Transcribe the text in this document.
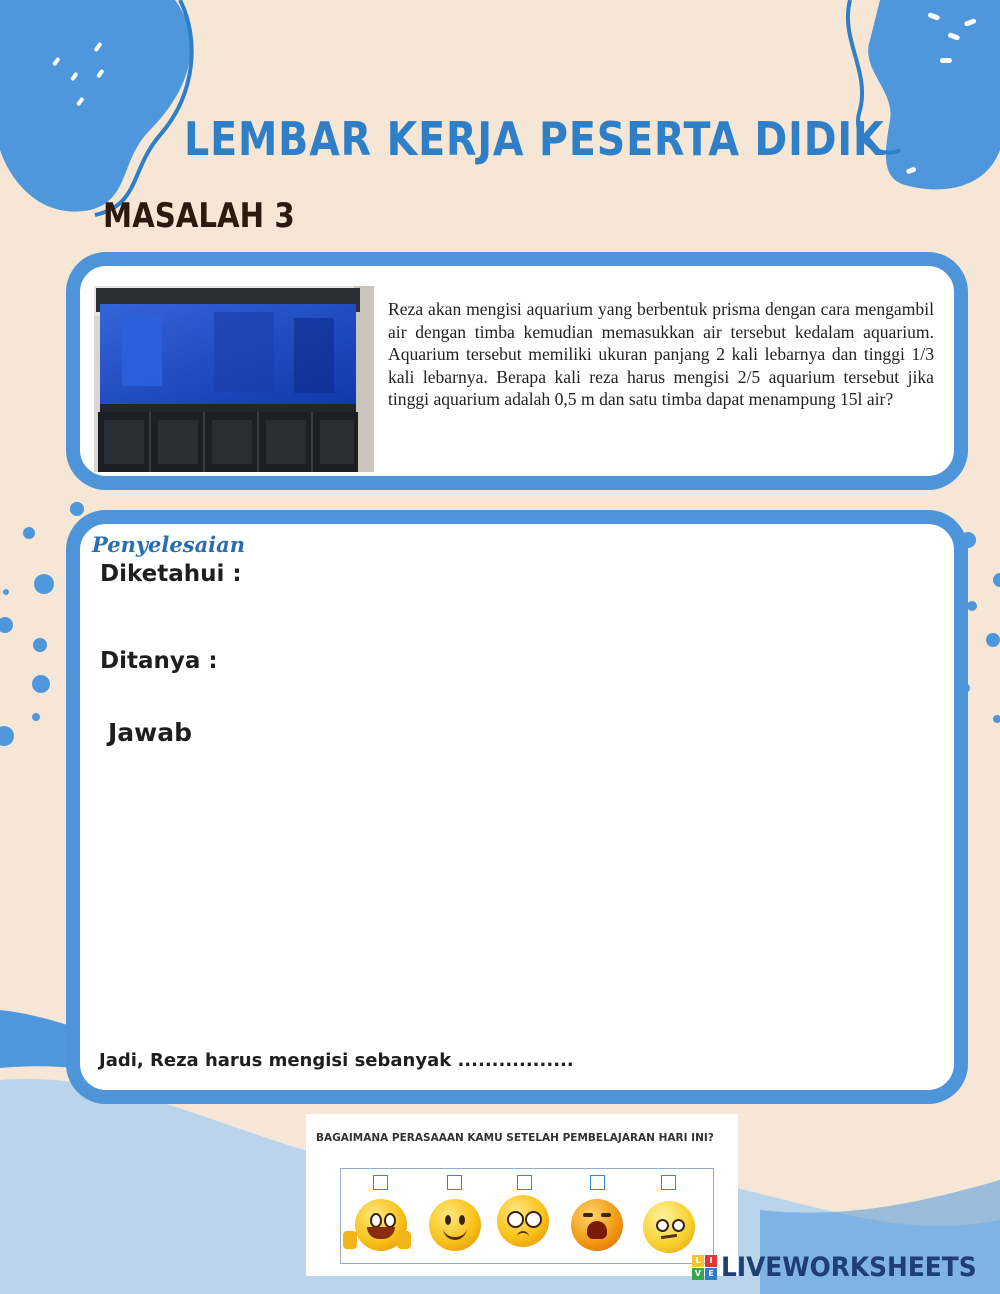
LEMBAR KERJA PESERTA DIDIK
MASALAH 3
Reza akan mengisi aquarium yang berbentuk prisma dengan cara mengambil air dengan timba kemudian memasukkan air tersebut kedalam aquarium. Aquarium tersebut memiliki ukuran panjang 2 kali lebarnya dan tinggi 1/3 kali lebarnya. Berapa kali reza harus mengisi 2/5 aquarium tersebut jika tinggi aquarium adalah 0,5 m dan satu timba dapat menampung 15l air?
Penyelesaian
Diketahui :
Ditanya :
Jawab
Jadi, Reza harus mengisi sebanyak .................
BAGAIMANA PERASAAAN KAMU SETELAH PEMBELAJARAN HARI INI?
L	I
V E LIVEWORKSHEETS
